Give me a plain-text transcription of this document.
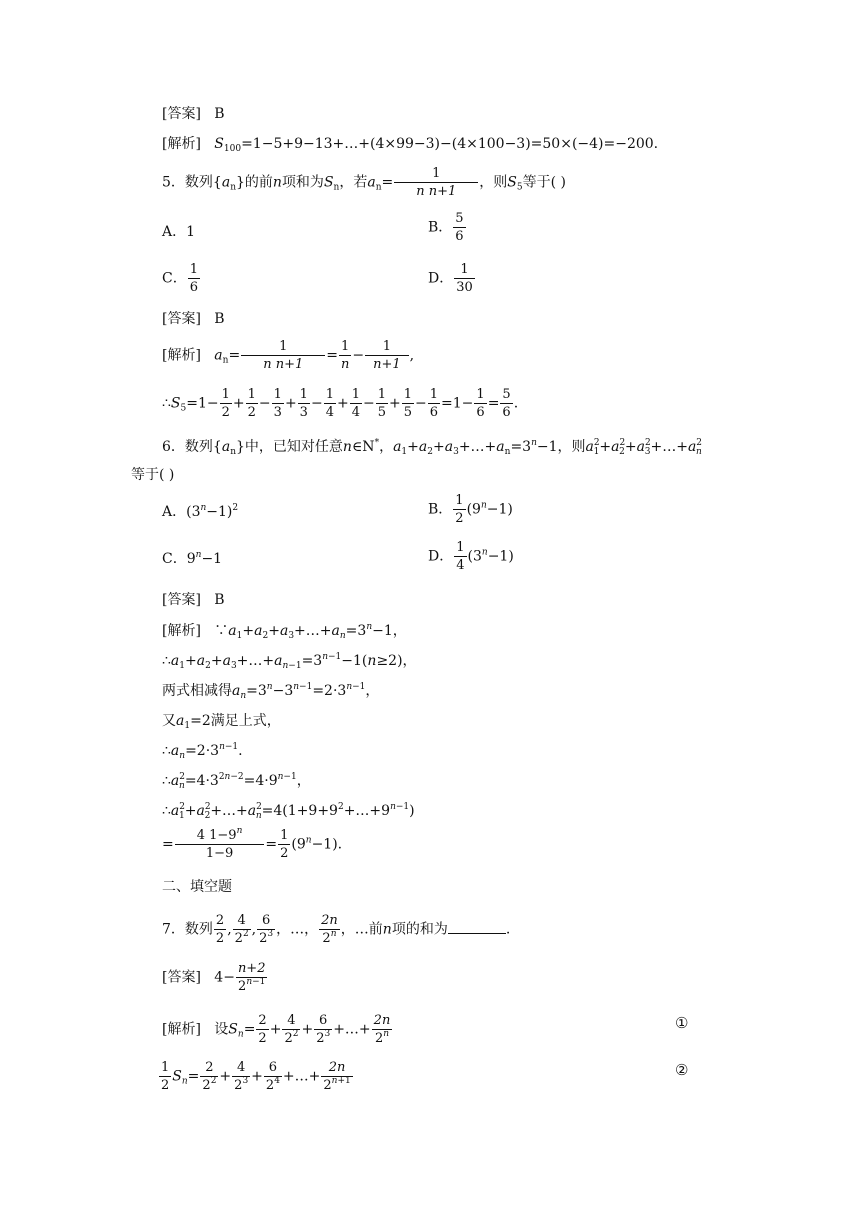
[答案] B
[解析] $S_{100}=1-5+9-13+\dots+(4\times 99-3)-(4\times 100-3)=50\times(-4)=-200$.
5．数列$\{a_n\}$的前n项和为$S_n$，若$a_n= \frac{1}{\text{n n+1}}$ ，则$S_5$等于( )
A．1	B． $\frac{5}{6}$
C． $\frac{1}{6}$	D． $\frac{1}{30}$
[答案] B
[解析] $a_n= \frac{1}{\text{n n+1}} = \frac{1}{n} - \frac{1}{n+1}$ ,
$\therefore S_5=1- \frac{1}{2} + \frac{1}{2} - \frac{1}{3} + \frac{1}{3} - \frac{1}{4} + \frac{1}{4} - \frac{1}{5} + \frac{1}{5} - \frac{1}{6} =1- \frac{1}{6} = \frac{5}{6}$ .
6．数列$\{a_n\}$中，已知对任意n∈N*，$a_1+a_2+a_3+\dots+a_n=3^n-1$，则$a^2_1+a^2_2+a^2_3+\dots+a^2_n$
等于( )
A．$(3^n-1)^2$	B． $\frac{1}{2} (9^n-1)$
C．$9^n-1$	D． $\frac{1}{4} (3^n-1)$
[答案] B
[解析] $\because a_1+a_2+a_3+\dots+a_n=3^n-1$，
$\therefore a_1+a_2+a_3+\dots+a_{n-1}=3^{n-1}-1(n\ge 2)$，
两式相减得$a_n=3^n-3^{n-1}=2\cdot 3^{n-1}$，
又$a_1=2$满足上式，
$\therefore a_n=2\cdot 3^{n-1}$.
$\therefore a^2_n=4\cdot 3^{2n-2}=4\cdot 9^{n-1}$，
$\therefore a^2_1+a^2_2+\dots+a^2_n=4(1+9+9^2+\dots+9^{n-1})$
= $\frac{4 1-9^n}{1-9} = \frac{1}{2} (9^n-1)$.
二、填空题
7．数列 $\frac{2}{2}$ , $\frac{4}{2^2}$ , $\frac{6}{2^3}$ ，…， $\frac{2n}{2^n}$ ，…前n项的和为	.
[答案] $4- \frac{n+2}{2^{n-1}}$
[解析] 设$S_n= \frac{2}{2} + \frac{4}{2^2} + \frac{6}{2^3}$ +…+ $\frac{2n}{2^n}$	①
$\frac{1}{2} S_n= \frac{2}{2^2} + \frac{4}{2^3} + \frac{6}{2^4}$ +…+ $\frac{2n}{2^{n+1}}$	②
